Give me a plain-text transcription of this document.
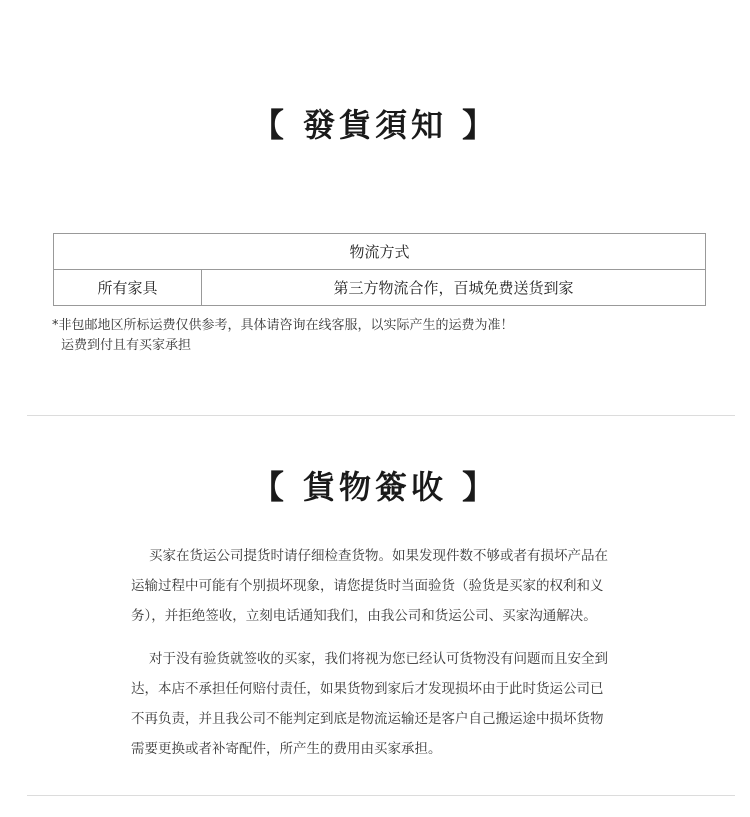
【 發貨須知 】
物流方式
所有家具	第三方物流合作，百城免费送货到家
*非包邮地区所标运费仅供参考，具体请咨询在线客服，以实际产生的运费为准！
运费到付且有买家承担
【 貨物簽收 】
买家在货运公司提货时请仔细检查货物。如果发现件数不够或者有损坏产品在
运输过程中可能有个别损坏现象，请您提货时当面验货（验货是买家的权利和义
务），并拒绝签收，立刻电话通知我们，由我公司和货运公司、买家沟通解决。
对于没有验货就签收的买家，我们将视为您已经认可货物没有问题而且安全到
达，本店不承担任何赔付责任，如果货物到家后才发现损坏由于此时货运公司已
不再负责，并且我公司不能判定到底是物流运输还是客户自己搬运途中损坏货物
需要更换或者补寄配件，所产生的费用由买家承担。
